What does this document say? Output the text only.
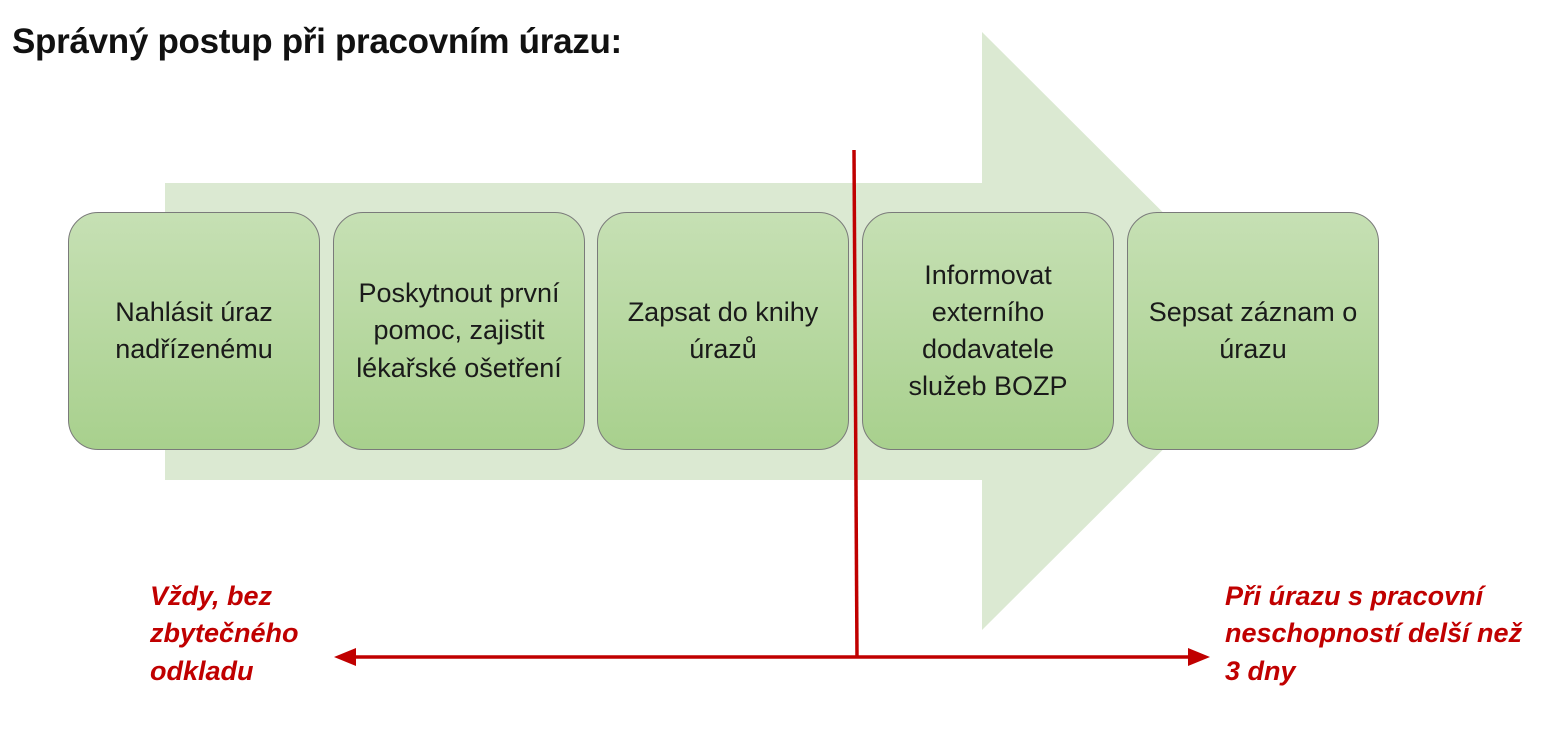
Správný postup při pracovním úrazu:
Nahlásit úraz nadřízenému
Poskytnout první pomoc, zajistit lékařské ošetření
Zapsat do knihy úrazů
Informovat externího dodavatele služeb BOZP
Sepsat záznam o úrazu
Vždy, bez zbytečného odkladu
Při úrazu s pracovní neschopností delší než 3 dny
